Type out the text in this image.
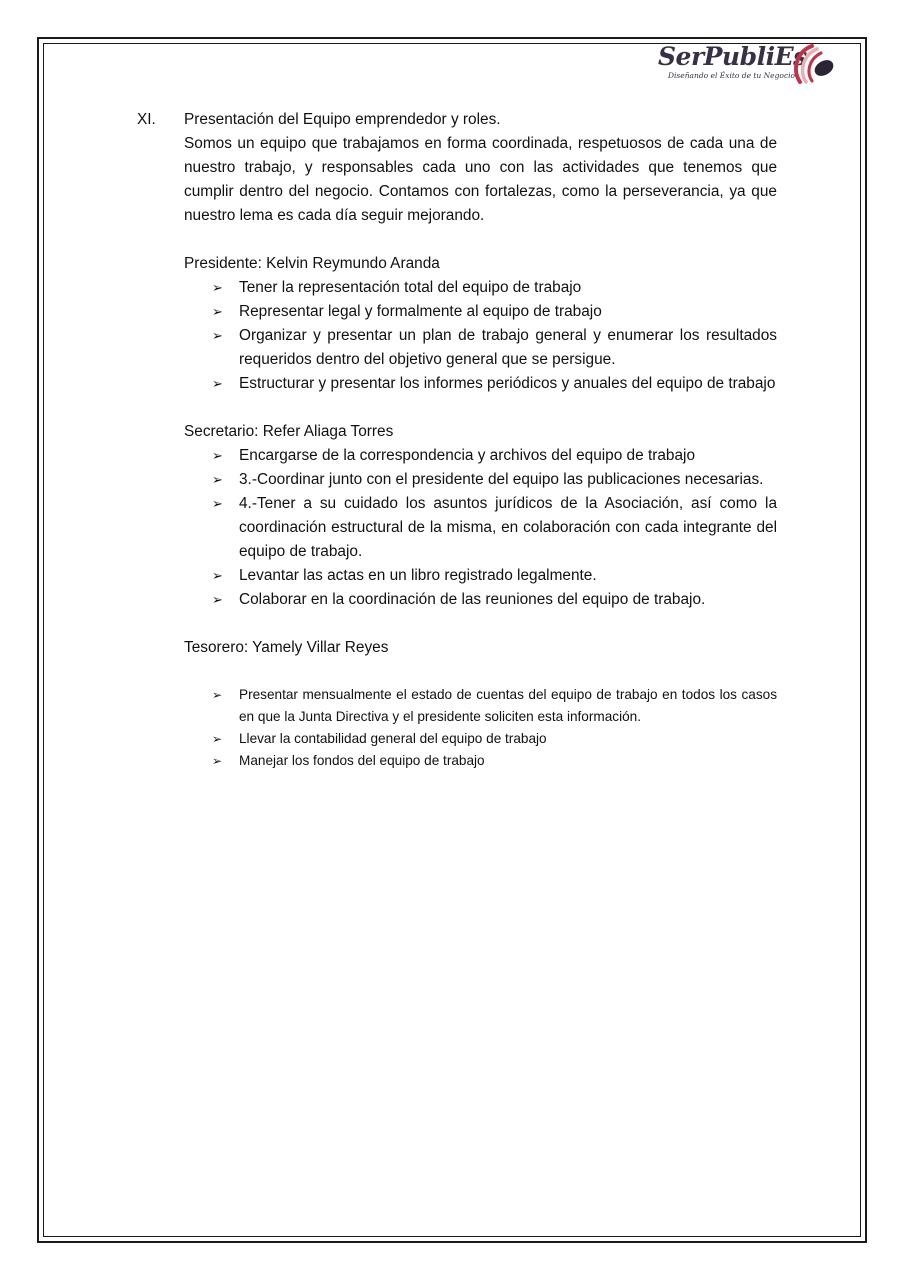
SerPubliEs
Diseñando el Éxito de tu Negocio
XI.	Presentación del Equipo emprendedor y roles.
Somos un equipo que trabajamos en forma coordinada, respetuosos de cada una de nuestro trabajo, y responsables cada uno con las actividades que tenemos que cumplir dentro del negocio. Contamos con fortalezas, como la perseverancia, ya que nuestro lema es cada día seguir mejorando.
Presidente: Kelvin Reymundo Aranda
➢ Tener la representación total del equipo de trabajo
➢ Representar legal y formalmente al equipo de trabajo
➢ Organizar y presentar un plan de trabajo general y enumerar los resultados requeridos dentro del objetivo general que se persigue.
➢ Estructurar y presentar los informes periódicos y anuales del equipo de trabajo
Secretario: Refer Aliaga Torres
➢ Encargarse de la correspondencia y archivos del equipo de trabajo
➢ 3.-Coordinar junto con el presidente del equipo las publicaciones necesarias.
➢ 4.-Tener a su cuidado los asuntos jurídicos de la Asociación, así como la coordinación estructural de la misma, en colaboración con cada integrante del equipo de trabajo.
➢ Levantar las actas en un libro registrado legalmente.
➢ Colaborar en la coordinación de las reuniones del equipo de trabajo.
Tesorero: Yamely Villar Reyes
➢ Presentar mensualmente el estado de cuentas del equipo de trabajo en todos los casos en que la Junta Directiva y el presidente soliciten esta información.
➢ Llevar la contabilidad general del equipo de trabajo
➢ Manejar los fondos del equipo de trabajo
